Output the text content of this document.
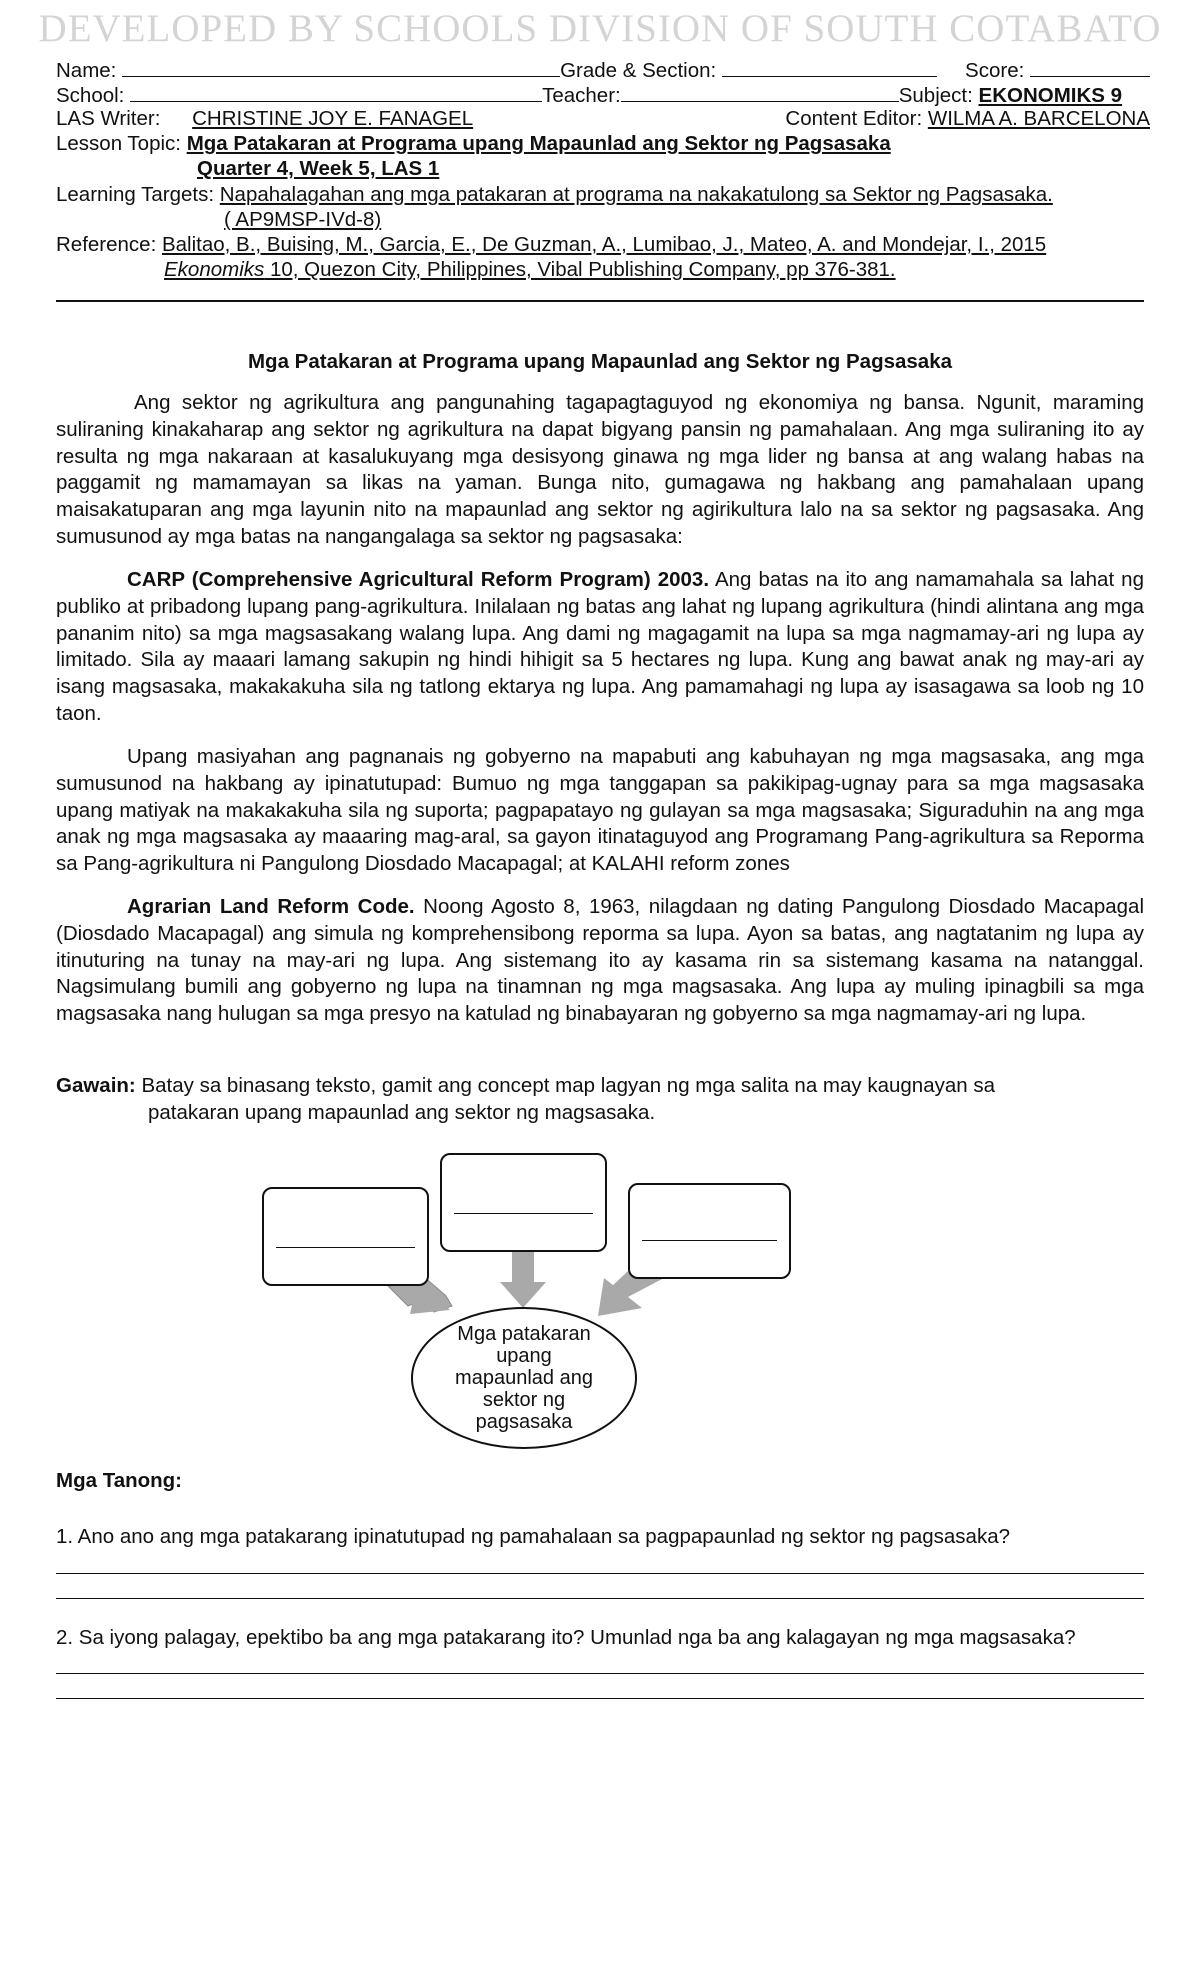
DEVELOPED BY SCHOOLS DIVISION OF SOUTH COTABATO
Name:	Grade & Section:	Score:
School:	Teacher:	Subject: EKONOMIKS 9
LAS Writer: CHRISTINE JOY E. FANAGEL	Content Editor: WILMA A. BARCELONA
Lesson Topic: Mga Patakaran at Programa upang Mapaunlad ang Sektor ng Pagsasaka
Quarter 4, Week 5, LAS 1
Learning Targets: Napahalagahan ang mga patakaran at programa na nakakatulong sa Sektor ng Pagsasaka.
( AP9MSP-IVd-8)
Reference: Balitao, B., Buising, M., Garcia, E., De Guzman, A., Lumibao, J., Mateo, A. and Mondejar, I., 2015
Ekonomiks 10, Quezon City, Philippines, Vibal Publishing Company, pp 376-381.
Mga Patakaran at Programa upang Mapaunlad ang Sektor ng Pagsasaka

Ang sektor ng agrikultura ang pangunahing tagapagtaguyod ng ekonomiya ng bansa. Ngunit, maraming suliraning kinakaharap ang sektor ng agrikultura na dapat bigyang pansin ng pamahalaan. Ang mga suliraning ito ay resulta ng mga nakaraan at kasalukuyang mga desisyong ginawa ng mga lider ng bansa at ang walang habas na paggamit ng mamamayan sa likas na yaman. Bunga nito, gumagawa ng hakbang ang pamahalaan upang maisakatuparan ang mga layunin nito na mapaunlad ang sektor ng agirikultura lalo na sa sektor ng pagsasaka. Ang sumusunod ay mga batas na nangangalaga sa sektor ng pagsasaka:

CARP (Comprehensive Agricultural Reform Program) 2003. Ang batas na ito ang namamahala sa lahat ng publiko at pribadong lupang pang-agrikultura. Inilalaan ng batas ang lahat ng lupang agrikultura (hindi alintana ang mga pananim nito) sa mga magsasakang walang lupa. Ang dami ng magagamit na lupa sa mga nagmamay-ari ng lupa ay limitado. Sila ay maaari lamang sakupin ng hindi hihigit sa 5 hectares ng lupa. Kung ang bawat anak ng may-ari ay isang magsasaka, makakakuha sila ng tatlong ektarya ng lupa. Ang pamamahagi ng lupa ay isasagawa sa loob ng 10 taon.

Upang masiyahan ang pagnanais ng gobyerno na mapabuti ang kabuhayan ng mga magsasaka, ang mga sumusunod na hakbang ay ipinatutupad: Bumuo ng mga tanggapan sa pakikipag-ugnay para sa mga magsasaka upang matiyak na makakakuha sila ng suporta; pagpapatayo ng gulayan sa mga magsasaka; Siguraduhin na ang mga anak ng mga magsasaka ay maaaring mag-aral, sa gayon itinataguyod ang Programang Pang-agrikultura sa Reporma sa Pang-agrikultura ni Pangulong Diosdado Macapagal; at KALAHI reform zones

Agrarian Land Reform Code. Noong Agosto 8, 1963, nilagdaan ng dating Pangulong Diosdado Macapagal (Diosdado Macapagal) ang simula ng komprehensibong reporma sa lupa. Ayon sa batas, ang nagtatanim ng lupa ay itinuturing na tunay na may-ari ng lupa. Ang sistemang ito ay kasama rin sa sistemang kasama na natanggal. Nagsimulang bumili ang gobyerno ng lupa na tinamnan ng mga magsasaka. Ang lupa ay muling ipinagbili sa mga magsasaka nang hulugan sa mga presyo na katulad ng binabayaran ng gobyerno sa mga nagmamay-ari ng lupa.

Gawain: Batay sa binasang teksto, gamit ang concept map lagyan ng mga salita na may kaugnayan sa
patakaran upang mapaunlad ang sektor ng magsasaka.
Mga patakaran upang mapaunlad ang sektor ng pagsasaka
Mga Tanong:
1. Ano ano ang mga patakarang ipinatutupad ng pamahalaan sa pagpapaunlad ng sektor ng pagsasaka?
2. Sa iyong palagay, epektibo ba ang mga patakarang ito? Umunlad nga ba ang kalagayan ng mga magsasaka?
